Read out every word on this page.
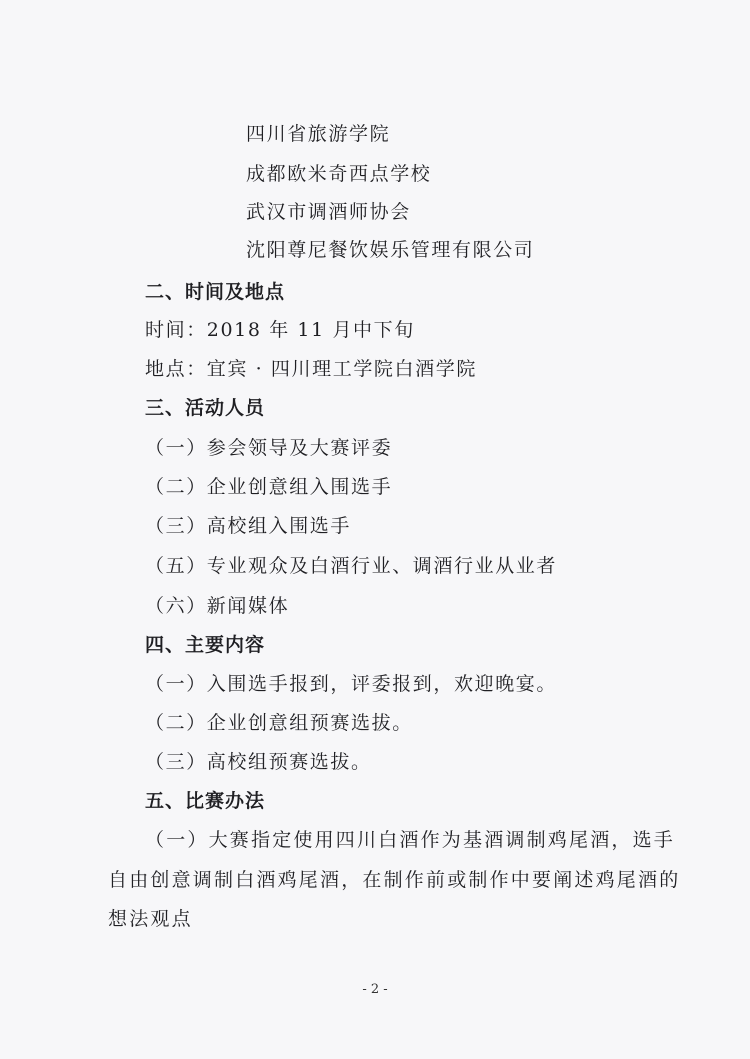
四川省旅游学院
成都欧米奇西点学校
武汉市调酒师协会
沈阳尊尼餐饮娱乐管理有限公司
二、时间及地点
时间：2018 年 11 月中下旬
地点：宜宾 · 四川理工学院白酒学院
三、活动人员
（一）参会领导及大赛评委
（二）企业创意组入围选手
（三）高校组入围选手
（五）专业观众及白酒行业、调酒行业从业者
（六）新闻媒体
四、主要内容
（一）入围选手报到，评委报到，欢迎晚宴。
（二）企业创意组预赛选拔。
（三）高校组预赛选拔。
五、比赛办法
（一）大赛指定使用四川白酒作为基酒调制鸡尾酒，选手
自由创意调制白酒鸡尾酒，在制作前或制作中要阐述鸡尾酒的
想法观点
- 2 -
